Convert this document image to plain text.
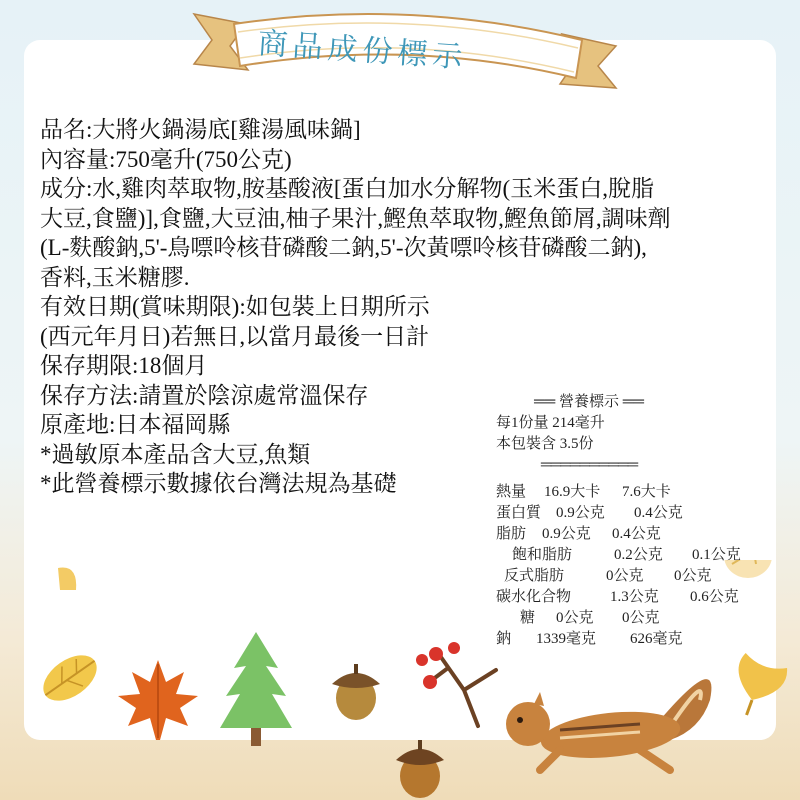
商品成份標示
品名:大將火鍋湯底[雞湯風味鍋]
內容量:750毫升(750公克)
成分:水,雞肉萃取物,胺基酸液[蛋白加水分解物(玉米蛋白,脫脂
大豆,食鹽)],食鹽,大豆油,柚子果汁,鰹魚萃取物,鰹魚節屑,調味劑
(L-麩酸鈉,5'-鳥嘌呤核苷磷酸二鈉,5'-次黃嘌呤核苷磷酸二鈉),
香料,玉米糖膠.
有效日期(賞味期限):如包裝上日期所示
(西元年月日)若無日,以當月最後一日計
保存期限:18個月
保存方法:請置於陰涼處常溫保存
原產地:日本福岡縣
*過敏原本產品含大豆,魚類
*此營養標示數據依台灣法規為基礎
══ 營養標示 ══
每1份量 214毫升
本包裝含 3.5份
══════════
熱量 16.9大卡 7.6大卡
蛋白質 0.9公克 0.4公克
脂肪 0.9公克 0.4公克
飽和脂肪	0.2公克 0.1公克
反式脂肪	0公克 0公克
碳水化合物	1.3公克 0.6公克
糖 0公克 0公克
鈉 1339毫克 626毫克
